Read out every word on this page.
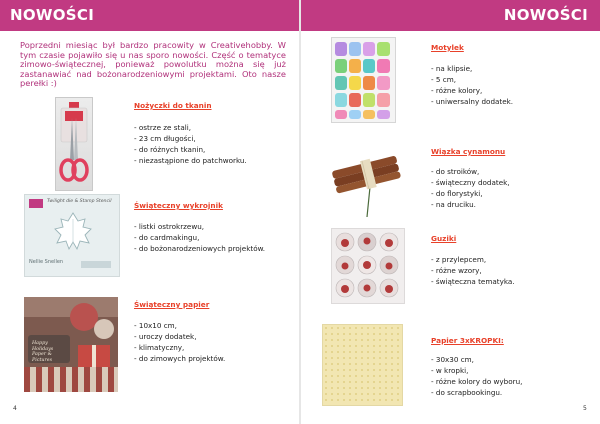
NOWOŚCI
Poprzedni miesiąc był bardzo pracowity w Creativehobby. W tym czasie pojawiło się u nas sporo nowości. Część o tematyce zimowo-świątecznej, ponieważ powolutku można się już zastanawiać nad bożonarodzeniowymi projektami. Oto nasze perełki :)
Nożyczki do tkanin
- ostrze ze stali,
- 23 cm długości,
- do różnych tkanin,
- niezastąpione do patchworku.
Twilight die & Stamp Stencil
Nellie Snellen
Świąteczny wykrojnik
- listki ostrokrzewu,
- do cardmakingu,
- do bożonarodzeniowych projektów.
Happy Holidays Paper & Pictures
Świąteczny papier
- 10x10 cm,
- uroczy dodatek,
- klimatyczny,
- do zimowych projektów.
4
NOWOŚCI
Motylek
- na klipsie,
- 5 cm,
- różne kolory,
- uniwersalny dodatek.
Wiązka cynamonu
- do stroików,
- świąteczny dodatek,
- do florystyki,
- na druciku.
Guziki
- z przylepcem,
- różne wzory,
- świąteczna tematyka.
Papier 3xKROPKI:
- 30x30 cm,
- w kropki,
- różne kolory do wyboru,
- do scrapbookingu.
5
